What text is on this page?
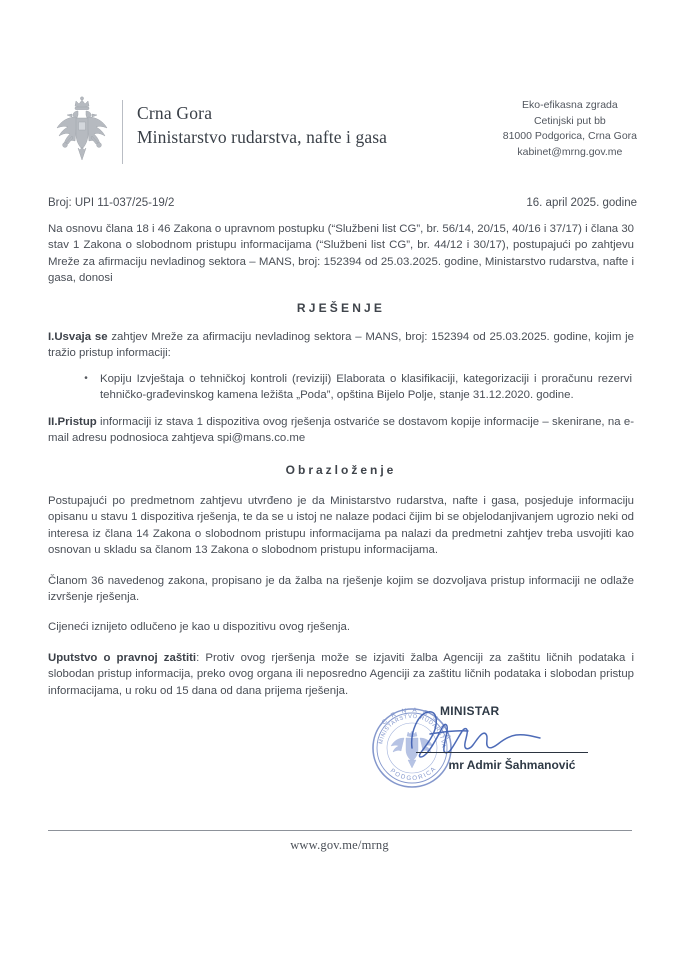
Crna Gora
Ministarstvo rudarstva, nafte i gasa
Eko-efikasna zgrada
Cetinjski put bb
81000 Podgorica, Crna Gora
kabinet@mrng.gov.me
Broj: UPI 11-037/25-19/2	16. april 2025. godine

Na osnovu člana 18 i 46 Zakona o upravnom postupku (“Službeni list CG”, br. 56/14, 20/15, 40/16 i 37/17) i člana 30 stav 1 Zakona o slobodnom pristupu informacijama (“Službeni list CG”, br. 44/12 i 30/17), postupajući po zahtjevu Mreže za afirmaciju nevladinog sektora – MANS, broj: 152394 od 25.03.2025. godine, Ministarstvo rudarstva, nafte i gasa, donosi

RJEŠENJE

I.Usvaja se zahtjev Mreže za afirmaciju nevladinog sektora – MANS, broj: 152394 od 25.03.2025. godine, kojim je tražio pristup informaciji:

•	Kopiju Izvještaja o tehničkoj kontroli (reviziji) Elaborata o klasifikaciji, kategorizaciji i proračunu rezervi tehničko-građevinskog kamena ležišta „Poda”, opština Bijelo Polje, stanje 31.12.2020. godine.

II.Pristup informaciji iz stava 1 dispozitiva ovog rješenja ostvariće se dostavom kopije informacije – skenirane, na e-mail adresu podnosioca zahtjeva spi@mans.co.me

Obrazloženje

Postupajući po predmetnom zahtjevu utvrđeno je da Ministarstvo rudarstva, nafte i gasa, posjeduje informaciju opisanu u stavu 1 dispozitiva rješenja, te da se u istoj ne nalaze podaci čijim bi se objelodanjivanjem ugrozio neki od interesa iz člana 14 Zakona o slobodnom pristupu informacijama pa nalazi da predmetni zahtjev treba usvojiti kao osnovan u skladu sa članom 13 Zakona o slobodnom pristupu informacijama.

Članom 36 navedenog zakona, propisano je da žalba na rješenje kojim se dozvoljava pristup informaciji ne odlaže izvršenje rješenja.

Cijeneći iznijeto odlučeno je kao u dispozitivu ovog rješenja.

Uputstvo o pravnoj zaštiti: Protiv ovog rjeršenja može se izjaviti žalba Agenciji za zaštitu ličnih podataka i slobodan pristup informacija, preko ovog organa ili neposredno Agenciji za zaštitu ličnih podataka i slobodan pristup informacijama, u roku od 15 dana od dana prijema rješenja.

C R N A G O R A
MINISTARSTVO RUDARSTVA
PODGORICA
MINISTAR
mr Admir Šahmanović
www.gov.me/mrng
